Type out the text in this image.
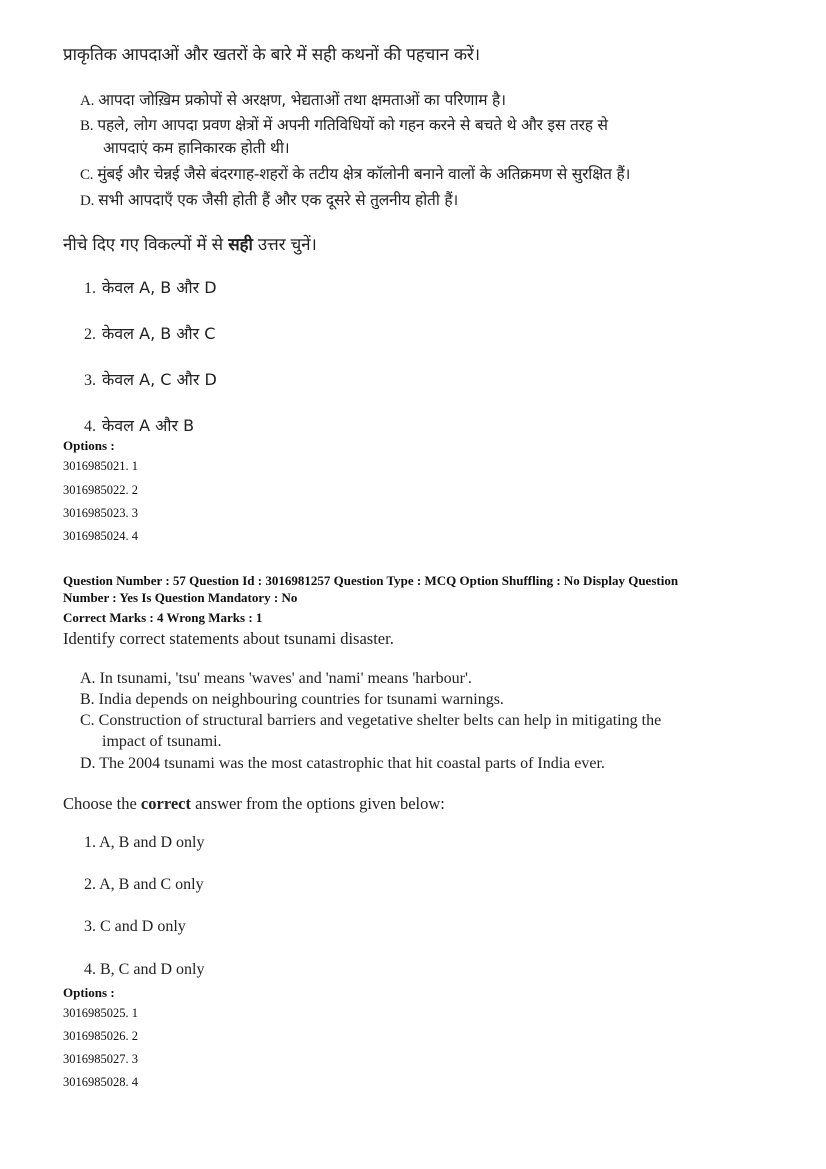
प्राकृतिक आपदाओं और खतरों के बारे में सही कथनों की पहचान करें।
A. आपदा जोख़िम प्रकोपों से अरक्षण, भेद्यताओं तथा क्षमताओं का परिणाम है।
B. पहले, लोग आपदा प्रवण क्षेत्रों में अपनी गतिविधियों को गहन करने से बचते थे और इस तरह से
आपदाएं कम हानिकारक होती थी।
C. मुंबई और चेन्नई जैसे बंदरगाह-शहरों के तटीय क्षेत्र कॉलोनी बनाने वालों के अतिक्रमण से सुरक्षित हैं।
D. सभी आपदाएँ एक जैसी होती हैं और एक दूसरे से तुलनीय होती हैं।
नीचे दिए गए विकल्पों में से सही उत्तर चुनें।
1. केवल A, B और D
2. केवल A, B और C
3. केवल A, C और D
4. केवल A और B
Options :
3016985021. 1
3016985022. 2
3016985023. 3
3016985024. 4
Question Number : 57 Question Id : 3016981257 Question Type : MCQ Option Shuffling : No Display Question
Number : Yes Is Question Mandatory : No
Correct Marks : 4 Wrong Marks : 1
Identify correct statements about tsunami disaster.
A. In tsunami, 'tsu' means 'waves' and 'nami' means 'harbour'.
B. India depends on neighbouring countries for tsunami warnings.
C. Construction of structural barriers and vegetative shelter belts can help in mitigating the
impact of tsunami.
D. The 2004 tsunami was the most catastrophic that hit coastal parts of India ever.
Choose the correct answer from the options given below:
1. A, B and D only
2. A, B and C only
3. C and D only
4. B, C and D only
Options :
3016985025. 1
3016985026. 2
3016985027. 3
3016985028. 4
